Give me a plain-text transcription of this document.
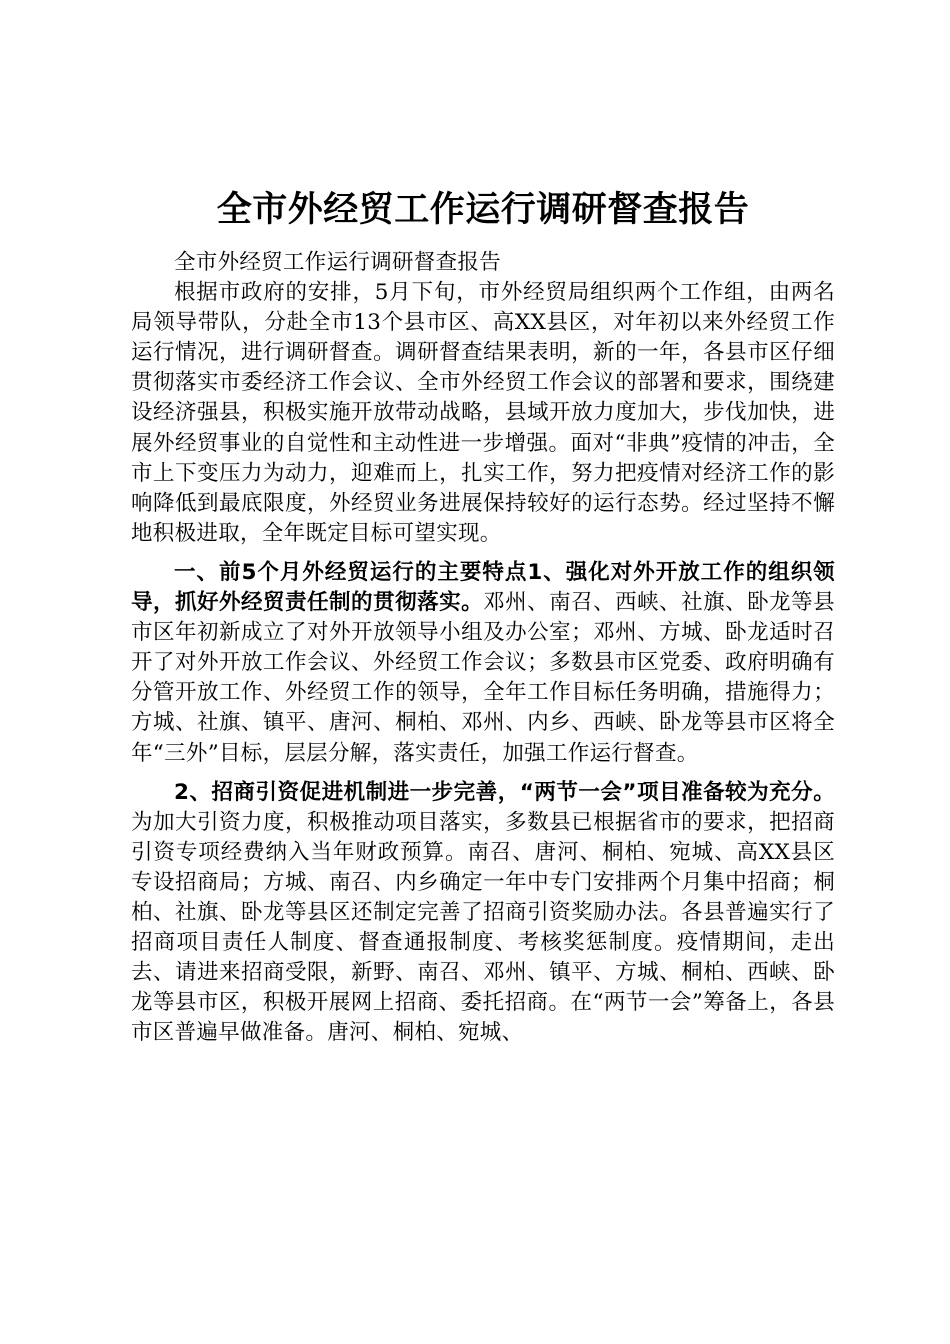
全市外经贸工作运行调研督查报告

全市外经贸工作运行调研督查报告

根据市政府的安排，5月下旬，市外经贸局组织两个工作组，由两名局领导带队，分赴全市13个县市区、高XX县区，对年初以来外经贸工作运行情况，进行调研督查。调研督查结果表明，新的一年，各县市区仔细贯彻落实市委经济工作会议、全市外经贸工作会议的部署和要求，围绕建设经济强县，积极实施开放带动战略，县域开放力度加大，步伐加快，进展外经贸事业的自觉性和主动性进一步增强。面对“非典”疫情的冲击，全市上下变压力为动力，迎难而上，扎实工作，努力把疫情对经济工作的影响降低到最底限度，外经贸业务进展保持较好的运行态势。经过坚持不懈地积极进取，全年既定目标可望实现。

一、前5个月外经贸运行的主要特点1、强化对外开放工作的组织领导，抓好外经贸责任制的贯彻落实。邓州、南召、西峡、社旗、卧龙等县市区年初新成立了对外开放领导小组及办公室；邓州、方城、卧龙适时召开了对外开放工作会议、外经贸工作会议；多数县市区党委、政府明确有分管开放工作、外经贸工作的领导，全年工作目标任务明确，措施得力；方城、社旗、镇平、唐河、桐柏、邓州、内乡、西峡、卧龙等县市区将全年“三外”目标，层层分解，落实责任，加强工作运行督查。

2、招商引资促进机制进一步完善，“两节一会”项目准备较为充分。为加大引资力度，积极推动项目落实，多数县已根据省市的要求，把招商引资专项经费纳入当年财政预算。南召、唐河、桐柏、宛城、高XX县区专设招商局；方城、南召、内乡确定一年中专门安排两个月集中招商；桐柏、社旗、卧龙等县区还制定完善了招商引资奖励办法。各县普遍实行了招商项目责任人制度、督查通报制度、考核奖惩制度。疫情期间，走出去、请进来招商受限，新野、南召、邓州、镇平、方城、桐柏、西峡、卧龙等县市区，积极开展网上招商、委托招商。在“两节一会”筹备上，各县市区普遍早做准备。唐河、桐柏、宛城、
